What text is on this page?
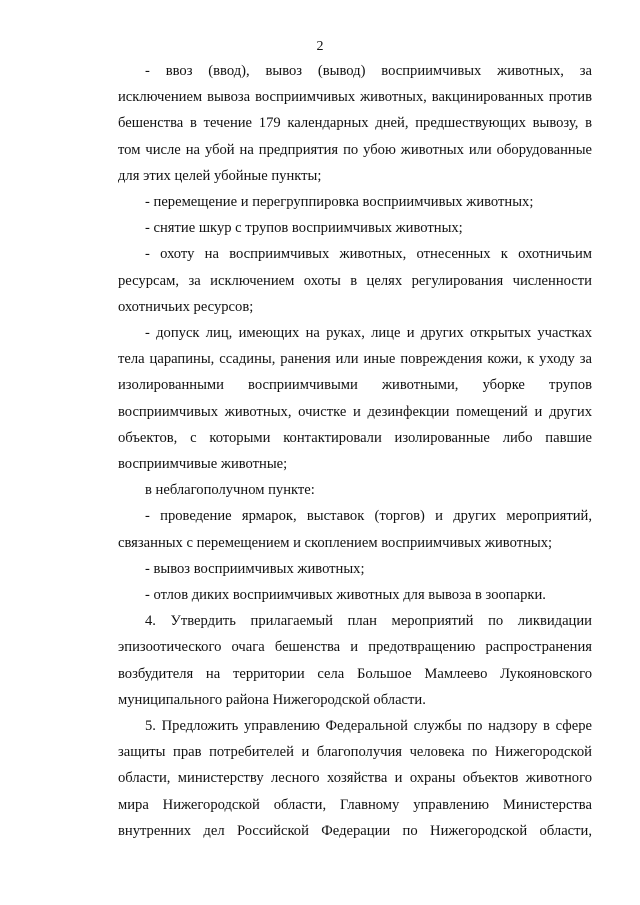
2

- ввоз (ввод), вывоз (вывод) восприимчивых животных, за исключением вывоза восприимчивых животных, вакцинированных против бешенства в течение 179 календарных дней, предшествующих вывозу, в том числе на убой на предприятия по убою животных или оборудованные для этих целей убойные пункты;

- перемещение и перегруппировка восприимчивых животных;

- снятие шкур с трупов восприимчивых животных;

- охоту на восприимчивых животных, отнесенных к охотничьим ресурсам, за исключением охоты в целях регулирования численности охотничьих ресурсов;

- допуск лиц, имеющих на руках, лице и других открытых участках тела царапины, ссадины, ранения или иные повреждения кожи, к уходу за изолированными восприимчивыми животными, уборке трупов восприимчивых животных, очистке и дезинфекции помещений и других объектов, с которыми контактировали изолированные либо павшие восприимчивые животные;

в неблагополучном пункте:

- проведение ярмарок, выставок (торгов) и других мероприятий, связанных с перемещением и скоплением восприимчивых животных;

- вывоз восприимчивых животных;

- отлов диких восприимчивых животных для вывоза в зоопарки.

4. Утвердить прилагаемый план мероприятий по ликвидации эпизоотического очага бешенства и предотвращению распространения возбудителя на территории села Большое Мамлеево Лукояновского муниципального района Нижегородской области.

5. Предложить управлению Федеральной службы по надзору в сфере защиты прав потребителей и благополучия человека по Нижегородской области, министерству лесного хозяйства и охраны объектов животного мира Нижегородской области, Главному управлению Министерства внутренних дел Российской Федерации по Нижегородской области,
